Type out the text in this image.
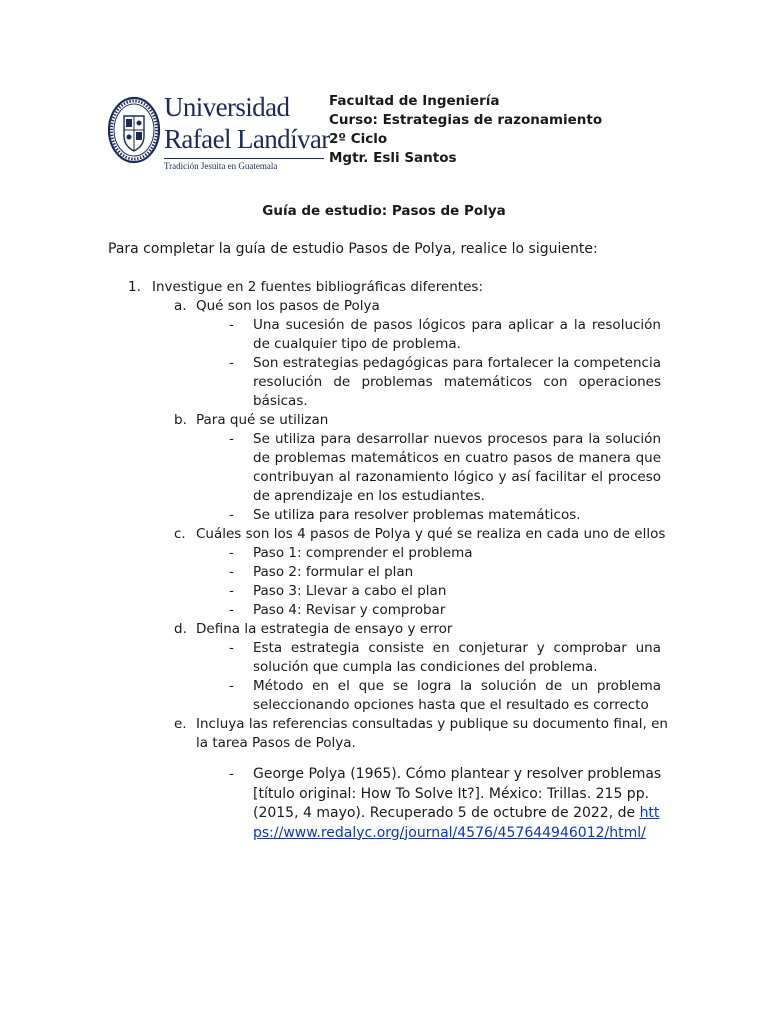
Universidad
Rafael Landívar
Tradición Jesuita en Guatemala
Facultad de Ingeniería
Curso: Estrategias de razonamiento
2º Ciclo
Mgtr. Esli Santos
Guía de estudio: Pasos de Polya
Para completar la guía de estudio Pasos de Polya, realice lo siguiente:
1. Investigue en 2 fuentes bibliográficas diferentes:
a. Qué son los pasos de Polya
- Una sucesión de pasos lógicos para aplicar a la resolución de cualquier tipo de problema.
- Son estrategias pedagógicas para fortalecer la competencia resolución de problemas matemáticos con operaciones básicas.
b. Para qué se utilizan
- Se utiliza para desarrollar nuevos procesos para la solución de problemas matemáticos en cuatro pasos de manera que contribuyan al razonamiento lógico y así facilitar el proceso de aprendizaje en los estudiantes.
- Se utiliza para resolver problemas matemáticos.
c. Cuáles son los 4 pasos de Polya y qué se realiza en cada uno de ellos
- Paso 1: comprender el problema
- Paso 2: formular el plan
- Paso 3: Llevar a cabo el plan
- Paso 4: Revisar y comprobar
d. Defina la estrategia de ensayo y error
- Esta estrategia consiste en conjeturar y comprobar una solución que cumpla las condiciones del problema.
- Método en el que se logra la solución de un problema seleccionando opciones hasta que el resultado es correcto
e. Incluya las referencias consultadas y publique su documento final, en la tarea Pasos de Polya.
- George Polya (1965). Cómo plantear y resolver problemas [título original: How To Solve It?]. México: Trillas. 215 pp. (2015, 4 mayo). Recuperado 5 de octubre de 2022, de https://www.redalyc.org/journal/4576/457644946012/html/
